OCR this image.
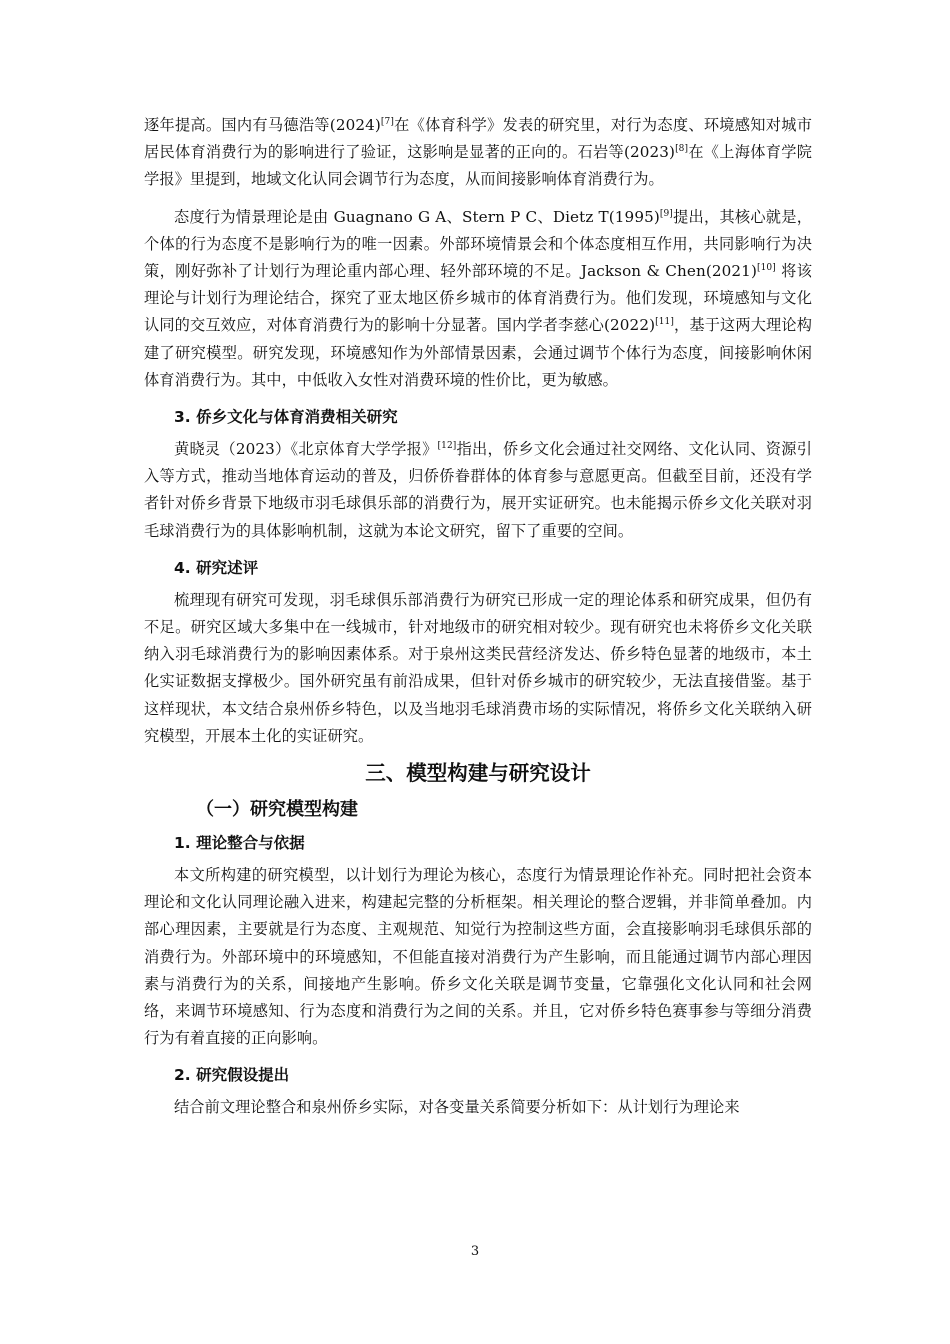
逐年提高。国内有马德浩等(2024)[7]在《体育科学》发表的研究里，对行为态度、环境感知对城市居民体育消费行为的影响进行了验证，这影响是显著的正向的。石岩等(2023)[8]在《上海体育学院学报》里提到，地域文化认同会调节行为态度，从而间接影响体育消费行为。

态度行为情景理论是由 Guagnano G A、Stern P C、Dietz T(1995)[9]提出，其核心就是，个体的行为态度不是影响行为的唯一因素。外部环境情景会和个体态度相互作用，共同影响行为决策，刚好弥补了计划行为理论重内部心理、轻外部环境的不足。Jackson & Chen(2021)[10] 将该理论与计划行为理论结合，探究了亚太地区侨乡城市的体育消费行为。他们发现，环境感知与文化认同的交互效应，对体育消费行为的影响十分显著。国内学者李慈心(2022)[11]，基于这两大理论构建了研究模型。研究发现，环境感知作为外部情景因素，会通过调节个体行为态度，间接影响休闲体育消费行为。其中，中低收入女性对消费环境的性价比，更为敏感。

3. 侨乡文化与体育消费相关研究

黄晓灵（2023）《北京体育大学学报》[12]指出，侨乡文化会通过社交网络、文化认同、资源引入等方式，推动当地体育运动的普及，归侨侨眷群体的体育参与意愿更高。但截至目前，还没有学者针对侨乡背景下地级市羽毛球俱乐部的消费行为，展开实证研究。也未能揭示侨乡文化关联对羽毛球消费行为的具体影响机制，这就为本论文研究，留下了重要的空间。

4. 研究述评

梳理现有研究可发现，羽毛球俱乐部消费行为研究已形成一定的理论体系和研究成果，但仍有不足。研究区域大多集中在一线城市，针对地级市的研究相对较少。现有研究也未将侨乡文化关联纳入羽毛球消费行为的影响因素体系。对于泉州这类民营经济发达、侨乡特色显著的地级市，本土化实证数据支撑极少。国外研究虽有前沿成果，但针对侨乡城市的研究较少，无法直接借鉴。基于这样现状，本文结合泉州侨乡特色，以及当地羽毛球消费市场的实际情况，将侨乡文化关联纳入研究模型，开展本土化的实证研究。

三、模型构建与研究设计
（一）研究模型构建
1. 理论整合与依据

本文所构建的研究模型，以计划行为理论为核心，态度行为情景理论作补充。同时把社会资本理论和文化认同理论融入进来，构建起完整的分析框架。相关理论的整合逻辑，并非简单叠加。内部心理因素，主要就是行为态度、主观规范、知觉行为控制这些方面，会直接影响羽毛球俱乐部的消费行为。外部环境中的环境感知，不但能直接对消费行为产生影响，而且能通过调节内部心理因素与消费行为的关系，间接地产生影响。侨乡文化关联是调节变量，它靠强化文化认同和社会网络，来调节环境感知、行为态度和消费行为之间的关系。并且，它对侨乡特色赛事参与等细分消费行为有着直接的正向影响。

2. 研究假设提出

结合前文理论整合和泉州侨乡实际，对各变量关系简要分析如下：从计划行为理论来

3
